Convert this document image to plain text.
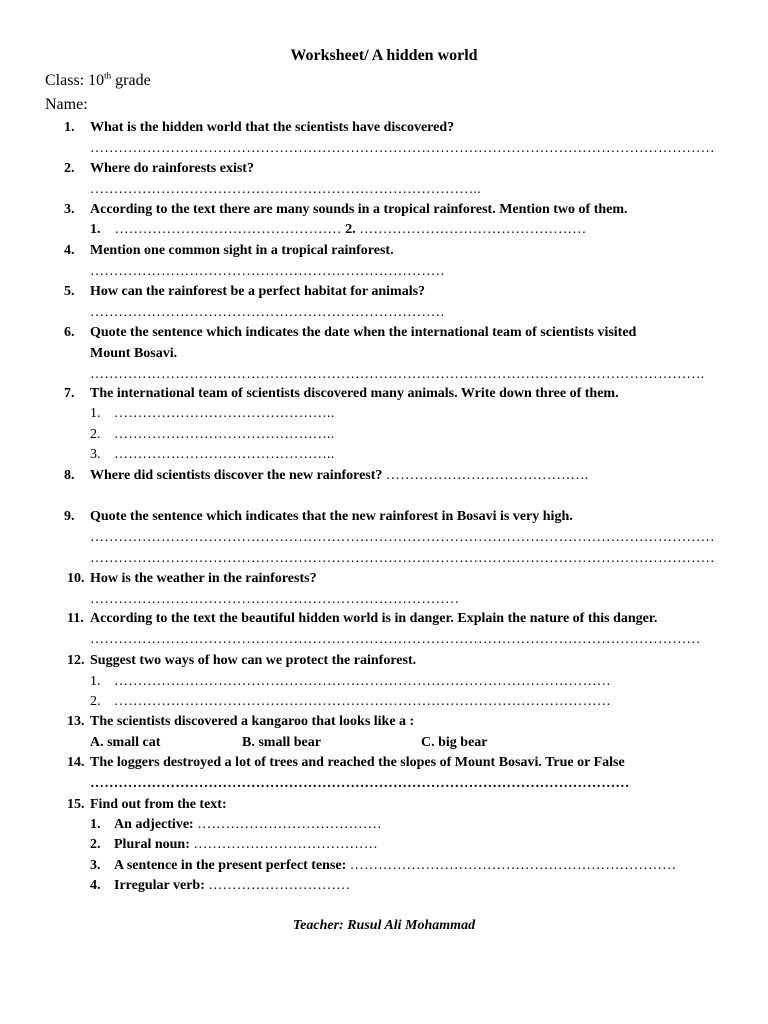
Worksheet/ A hidden world
Class: 10th grade
Name:
1.	What is the hidden world that the scientists have discovered?
……………………………………………………………………………………………………………………
2.	Where do rainforests exist?
………………………………………………………………………..
3.	According to the text there are many sounds in a tropical rainforest. Mention two of them.
1. ………………………………………… 2. …………………………………………
4.	Mention one common sight in a tropical rainforest.
…………………………………………………………………
5.	How can the rainforest be a perfect habitat for animals?
…………………………………………………………………
6.	Quote the sentence which indicates the date when the international team of scientists visited
Mount Bosavi.
………………………………………………………………………………………………………………….
7.	The international team of scientists discovered many animals. Write down three of them.
1. ………………………………………..
2. ………………………………………..
3. ………………………………………..
8.	Where did scientists discover the new rainforest? …………………………………….
9.	Quote the sentence which indicates that the new rainforest in Bosavi is very high.
……………………………………………………………………………………………………………………
……………………………………………………………………………………………………………………
10. How is the weather in the rainforests?
……………………………………………………………………
11. According to the text the beautiful hidden world is in danger. Explain the nature of this danger.
…………………………………………………………………………………………………………………
12. Suggest two ways of how can we protect the rainforest.
1. ……………………………………………………………………………………………
2. ……………………………………………………………………………………………
13. The scientists discovered a kangaroo that looks like a :
A. small cat	B. small bear	C. big bear
14. The loggers destroyed a lot of trees and reached the slopes of Mount Bosavi. True or False
……………………………………………………………………………………………………
15. Find out from the text:
1. An adjective: …………………………………
2. Plural noun: …………………………………
3. A sentence in the present perfect tense: ……………………………………………………………
4. Irregular verb: …………………………
Teacher: Rusul Ali Mohammad
